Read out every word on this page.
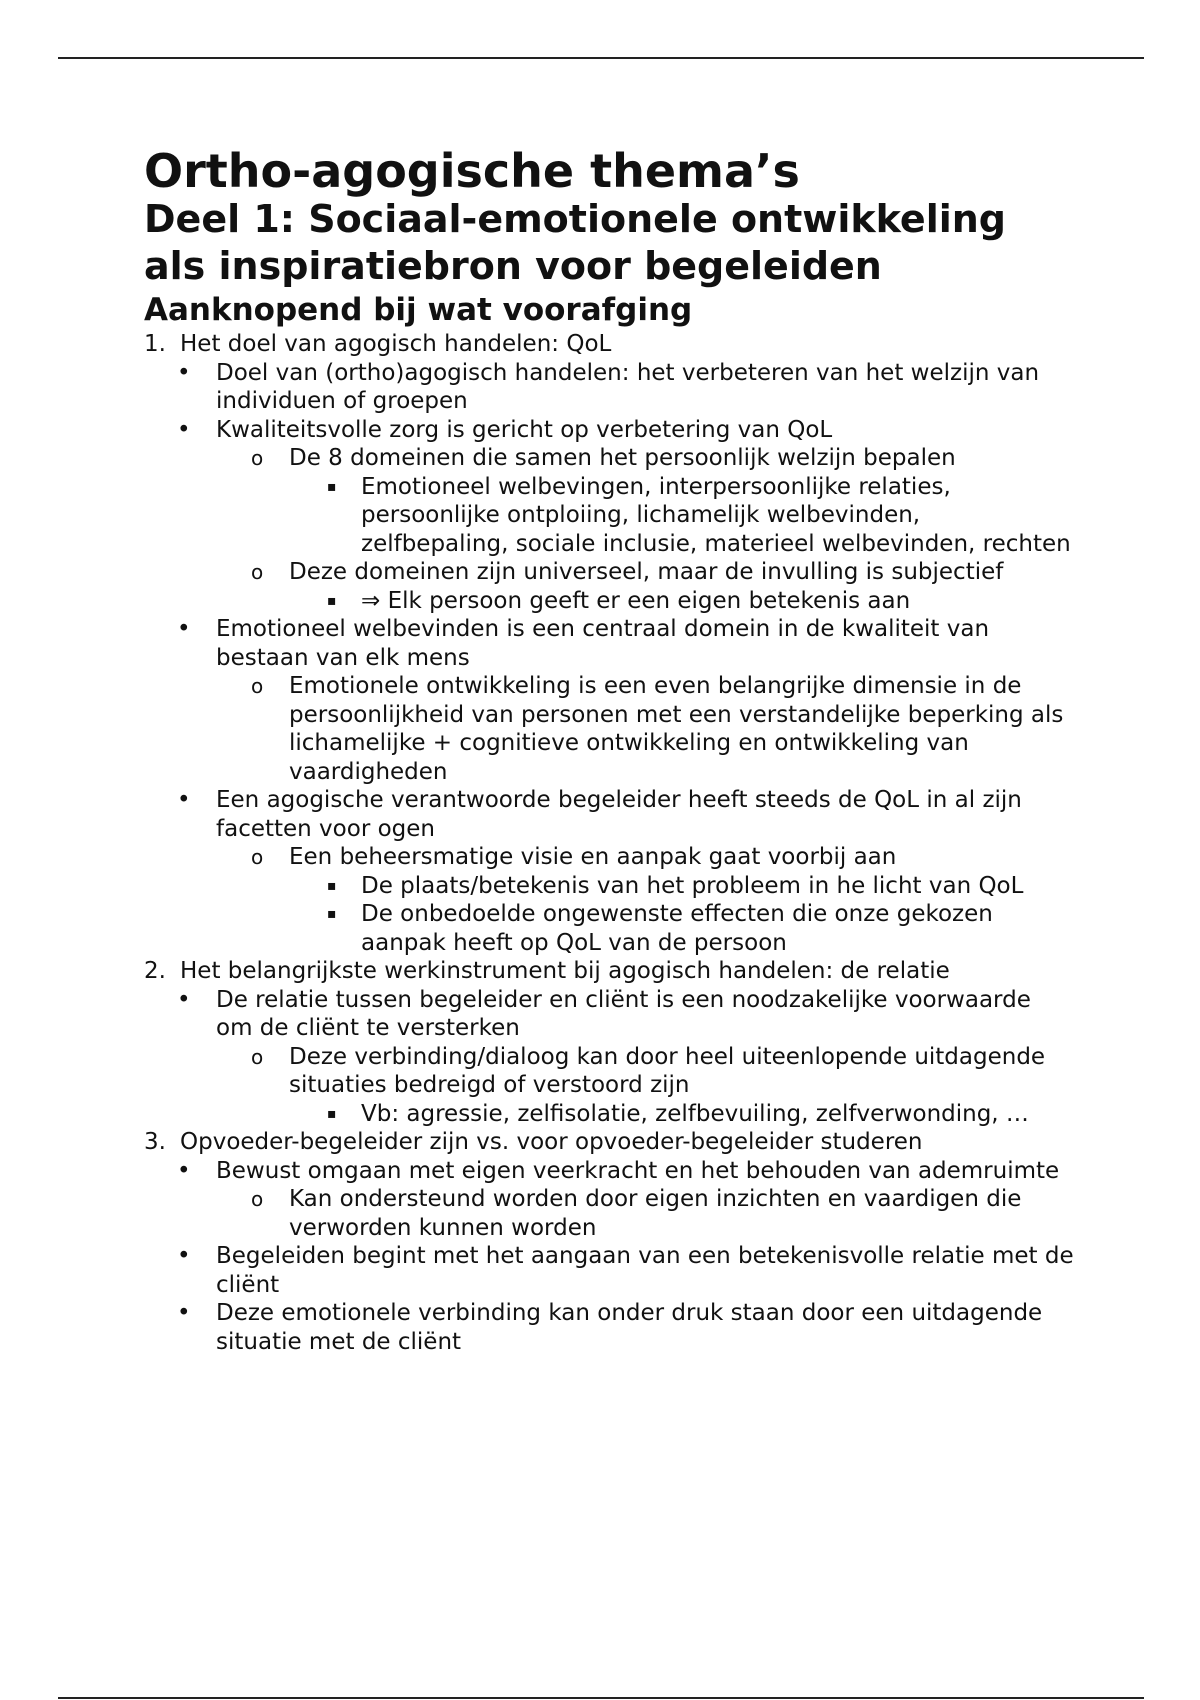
Ortho-agogische thema’s
Deel 1: Sociaal-emotionele ontwikkeling als inspiratiebron voor begeleiden
Aanknopend bij wat voorafging
1. Het doel van agogisch handelen: QoL
• Doel van (ortho)agogisch handelen: het verbeteren van het welzijn van individuen of groepen
• Kwaliteitsvolle zorg is gericht op verbetering van QoL
o De 8 domeinen die samen het persoonlijk welzijn bepalen
▪ Emotioneel welbevingen, interpersoonlijke relaties, persoonlijke ontploiing, lichamelijk welbevinden, zelfbepaling, sociale inclusie, materieel welbevinden, rechten
o Deze domeinen zijn universeel, maar de invulling is subjectief
▪ ⇒ Elk persoon geeft er een eigen betekenis aan
• Emotioneel welbevinden is een centraal domein in de kwaliteit van bestaan van elk mens
o Emotionele ontwikkeling is een even belangrijke dimensie in de persoonlijkheid van personen met een verstandelijke beperking als lichamelijke + cognitieve ontwikkeling en ontwikkeling van vaardigheden
• Een agogische verantwoorde begeleider heeft steeds de QoL in al zijn facetten voor ogen
o Een beheersmatige visie en aanpak gaat voorbij aan
▪ De plaats/betekenis van het probleem in he licht van QoL
▪ De onbedoelde ongewenste effecten die onze gekozen aanpak heeft op QoL van de persoon
2. Het belangrijkste werkinstrument bij agogisch handelen: de relatie
• De relatie tussen begeleider en cliënt is een noodzakelijke voorwaarde om de cliënt te versterken
o Deze verbinding/dialoog kan door heel uiteenlopende uitdagende situaties bedreigd of verstoord zijn
▪ Vb: agressie, zelfisolatie, zelfbevuiling, zelfverwonding, …
3. Opvoeder-begeleider zijn vs. voor opvoeder-begeleider studeren
• Bewust omgaan met eigen veerkracht en het behouden van ademruimte
o Kan ondersteund worden door eigen inzichten en vaardigen die verworden kunnen worden
• Begeleiden begint met het aangaan van een betekenisvolle relatie met de cliënt
• Deze emotionele verbinding kan onder druk staan door een uitdagende situatie met de cliënt
